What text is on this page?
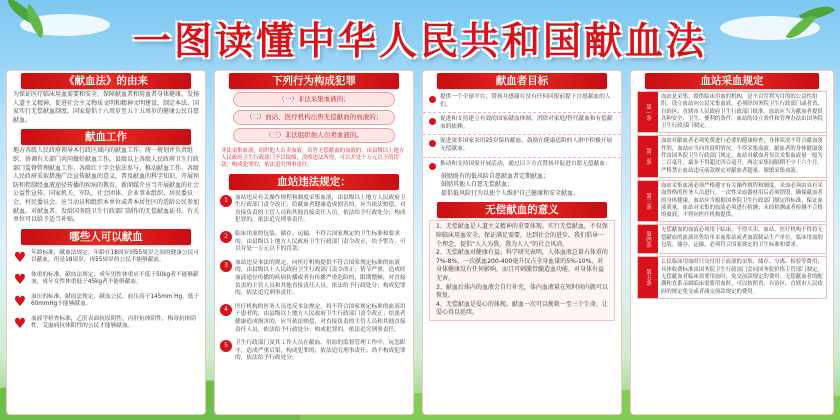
一图读懂中华人民共和国献血法
《献血法》的由来
为保证医疗临床用血需要和安全，保障献血者和用血者身体健康，发扬人道主义精神，促进社会主义物质文明和精神文明建设，制定本法。国家实行无偿献血制度。国家提倡十八周岁至五十五周岁的健康公民自愿献血。
献血工作
地方各级人民政府领导本行政区域内的献血工作，统一规划并负责组织、协调有关部门共同做好献血工作。县级以上各级人民政府卫生行政部门监督管理献血工作。各级红十字会依法参与、推动献血工作。各级人民政府采取措施广泛宣传献血的意义，普及献血的科学知识，开展预防和控制经血液途径传播的疾病的教育。新闻媒介应当开展献血的社会公益性宣传。国家机关、军队、社会团体、企业事业组织、居民委员会、村民委员会，应当动员和组织本单位或者本居住区的适龄公民参加献血。对献血者，发给国务院卫生行政部门制作的无偿献血证书，有关单位可以给予适当补贴。
哪些人可以献血
♥ 年龄标准，献血法规定，年龄在18周岁到55周岁之间的健康公民可以献血，但是18周岁，再55周岁的公民不能够献血。
♥ 体重的标准，献血法规定，成年男性体重应不低于50kg者不能够献血，成年女性体重低于45kg者不能够献血。
♥ 血压的标准，献血法规定，献血公民，血压高于145mm Hg，低于60mmHg不能够献血。
♥ 血液学检查标准，乙肝表面抗原阴性，丙肝抗体阴性，梅毒抗体阴性，艾滋病抗体阴性的公民才能够献血。
下列行为构成犯罪
（一）非法采集血液的；
（二）血站、医疗机构出售无偿献血的血液的；
（三）非法组织他人出卖血液的。
非法采集血液，组织他人出卖血液，出售无偿献血的血液的，由县级以上地方人民政府卫生行政部门予以取缔，没收违法所得，可以并处十万元以下的罚款；构成犯罪的，依法追究刑事责任。
血站违法规定：
1	血站违反有关操作规程和制度采集血液，由县级以上地方人民政府卫生行政部门责令改正；给献血者健康造成损害的，应当依法赔偿，对直接负责的主管人员和其他直接责任人员，依法给予行政处分；构成犯罪的，依法追究刑事责任。
2	临床用血的包装、储存、运输，不符合国家规定的卫生标准和要求的，由县级以上地方人民政府卫生行政部门责令改正，给予警告，可以并处一万元以下的罚款。
3	血站违反本法的规定，向医疗机构提供不符合国家规定标准的血液的，由县级以上人民政府卫生行政部门责令改正；情节严重，造成经血液途径传播的疾病传播或者有传播严重危险的，限期整顿，对直接负责的主管人员和其他直接责任人员，依法给予行政处分；构成犯罪的，依法追究刑事责任。
4	医疗机构的医务人员违反本法规定，将不符合国家规定标准的血液用于患者的，由县级以上地方人民政府卫生行政部门责令改正；给患者健康造成损害的，应当依法赔偿，对直接负责的主管人员和其他直接责任人员，依法给予行政处分；构成犯罪的，依法追究刑事责任。
5	卫生行政部门及其工作人员在献血、用血的监督管理工作中，玩忽职守，造成严重后果，构成犯罪的，依法追究刑事责任；尚不构成犯罪的，依法给予行政处分。
献血者目标
提供一个全球平台，赞扬并感谢在没有任何回报前提下自愿献血的人们。
促进和支持建立有效的国家献血体制，消除对家庭/替代献血和有偿献血的依赖。
促进更多国家采用25岁保持献血，鼓励在健康适龄的人群中积极开展无偿献血。
推动和支持国家开展活动，通过以下方式赞扬并促进自愿无偿献血：
鼓励既有的低风险自愿献血者定期献血；
鼓励其他人自愿无偿献血；
提倡低风险行为以使个人维护自己健康和安全献血。
无偿献血的意义
1、无偿献血是人道主义精神的重要体现。实行无偿献血，不仅保障临床用血安全，保证满足需要，达到社会的进步。我们倡导一个理念，提倡“人人为我，我为人人”的社会风尚。
2、无偿献血对健康有益。科学研究表明，人体血液总量占体重的7%-8%，一次献血200-400毫升仅占全身血量的5%-10%，对身体健康没有任何影响，而且可刺激骨髓造血功能，对身体有益无害。
3、献血后体内的血液会自行补充，体内血液量在短时间内就可以恢复。
4、无偿献血是爱心的体现。献血一次可以挽救一至三个生命，让爱心得以延续。
血站采血规定
第一条
血站是采集、提供临床用血的机构，是不以营利为目的的公益性组织。设立血站向公民采集血液，必须经国务院卫生行政部门或者省、自治区、直辖市人民政府卫生行政部门批准。血站应当为献血者提供各种安全、卫生、便利的条件。血站的设立条件和管理办法由国务院卫生行政部门制定。
第二条
血站对献血者必须免费进行必要的健康检查；身体状况不符合献血条件的，血站应当向其说明情况，不得采集血液。献血者的身体健康条件由国务院卫生行政部门规定。血站对献血者每次采集血液量一般为二百毫升，最多不得超过四百毫升，两次采集间隔期不少于六个月。严格禁止血站违反前款规定对献血者超量、频繁采集血液。
第三条
血站采集血液必须严格遵守有关操作规程和制度，采血必须由具有采血资格的医务人员进行，一次性采血器材用后必须销毁，确保献血者的身体健康。血站应当根据国务院卫生行政部门制定的标准，保证血液质量。血站对采集的血液必须进行检测；未经检测或者检测不合格的血液，不得向医疗机构提供。
第四条
无偿献血的血液必须用于临床，不得买卖。血站、医疗机构不得将无偿献血的血液出售给单采血浆站或者血液制品生产单位。临床用血的包装、储存、运输，必须符合国家规定的卫生标准和要求。
第五条
公民临床用血时只交付用于血液的采集、储存、分离、检验等费用；具体收费标准由国务院卫生行政部门会同国务院价格主管部门制定。无偿献血者临床需要用血时，免交前款规定的费用；无偿献血者的配偶和直系亲属临床需要用血时，可以按照省、自治区、直辖市人民政府的规定免交或者减交前款规定的费用。
